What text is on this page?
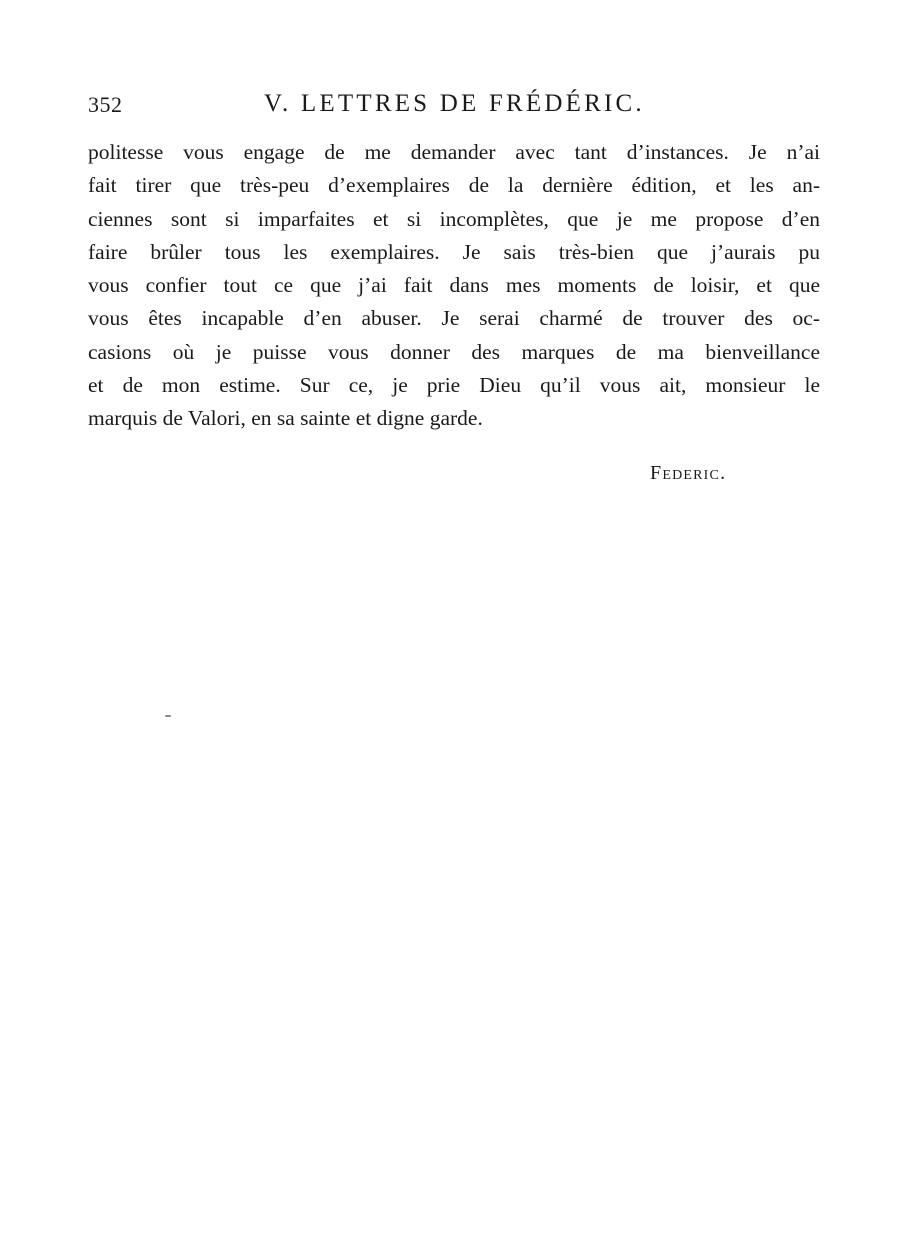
352	V. LETTRES DE FRÉDÉRIC.
politesse vous engage de me demander avec tant d’instances. Je n’ai
fait tirer que très-peu d’exemplaires de la dernière édition, et les an-
ciennes sont si imparfaites et si incomplètes, que je me propose d’en
faire brûler tous les exemplaires. Je sais très-bien que j’aurais pu
vous confier tout ce que j’ai fait dans mes moments de loisir, et que
vous êtes incapable d’en abuser. Je serai charmé de trouver des oc-
casions où je puisse vous donner des marques de ma bienveillance
et de mon estime. Sur ce, je prie Dieu qu’il vous ait, monsieur le
marquis de Valori, en sa sainte et digne garde.
Federic.
